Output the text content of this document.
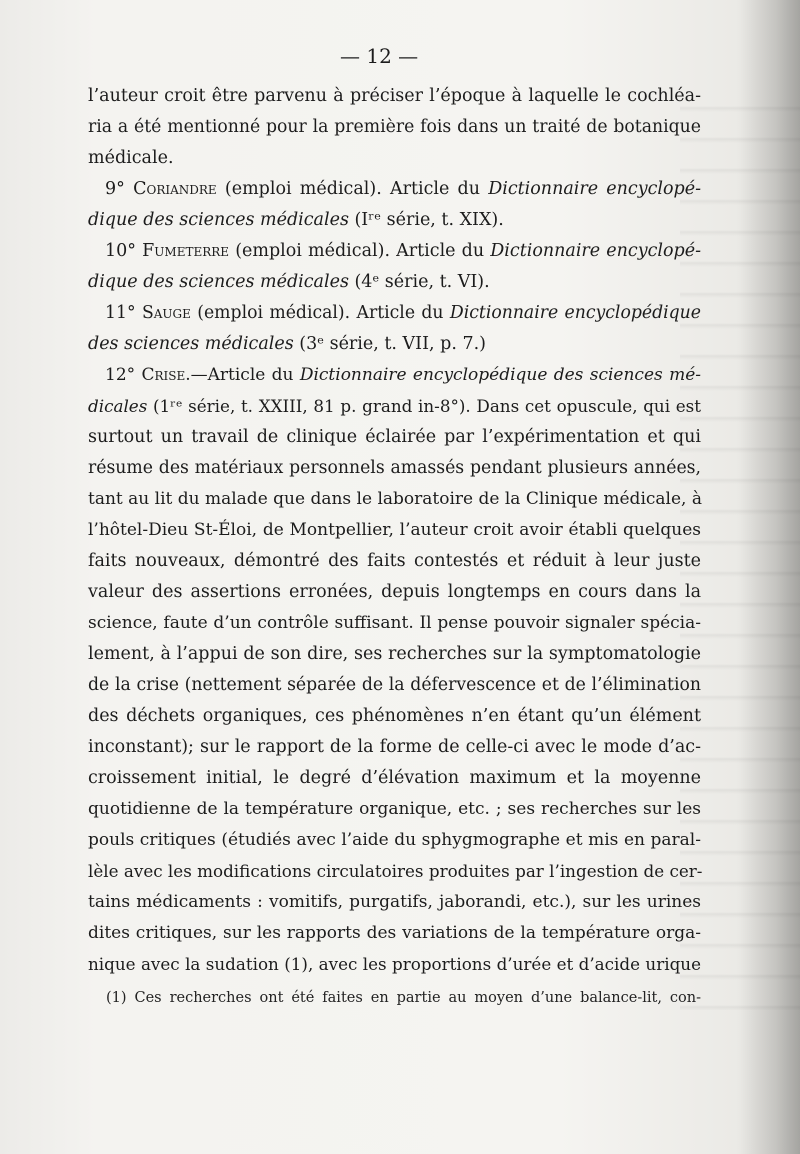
— 12 —
l’auteur croit être parvenu à préciser l’époque à laquelle le cochléa-
ria a été mentionné pour la première fois dans un traité de botanique
médicale.
9° Coriandre (emploi médical). Article du Dictionnaire encyclopé-
dique des sciences médicales (Iʳᵉ série, t. XIX).
10° Fumeterre (emploi médical). Article du Dictionnaire encyclopé-
dique des sciences médicales (4ᵉ série, t. VI).
11° Sauge (emploi médical). Article du Dictionnaire encyclopédique
des sciences médicales (3ᵉ série, t. VII, p. 7.)
12° Crise.—Article du Dictionnaire encyclopédique des sciences mé-
dicales (1ʳᵉ série, t. XXIII, 81 p. grand in-8°). Dans cet opuscule, qui est
surtout un travail de clinique éclairée par l’expérimentation et qui
résume des matériaux personnels amassés pendant plusieurs années,
tant au lit du malade que dans le laboratoire de la Clinique médicale, à
l’hôtel-Dieu St-Éloi, de Montpellier, l’auteur croit avoir établi quelques
faits nouveaux, démontré des faits contestés et réduit à leur juste
valeur des assertions erronées, depuis longtemps en cours dans la
science, faute d’un contrôle suffisant. Il pense pouvoir signaler spécia-
lement, à l’appui de son dire, ses recherches sur la symptomatologie
de la crise (nettement séparée de la défervescence et de l’élimination
des déchets organiques, ces phénomènes n’en étant qu’un élément
inconstant); sur le rapport de la forme de celle-ci avec le mode d’ac-
croissement initial, le degré d’élévation maximum et la moyenne
quotidienne de la température organique, etc. ; ses recherches sur les
pouls critiques (étudiés avec l’aide du sphygmographe et mis en paral-
lèle avec les modifications circulatoires produites par l’ingestion de cer-
tains médicaments : vomitifs, purgatifs, jaborandi, etc.), sur les urines
dites critiques, sur les rapports des variations de la température orga-
nique avec la sudation (1), avec les proportions d’urée et d’acide urique
(1) Ces recherches ont été faites en partie au moyen d’une balance-lit, con-
